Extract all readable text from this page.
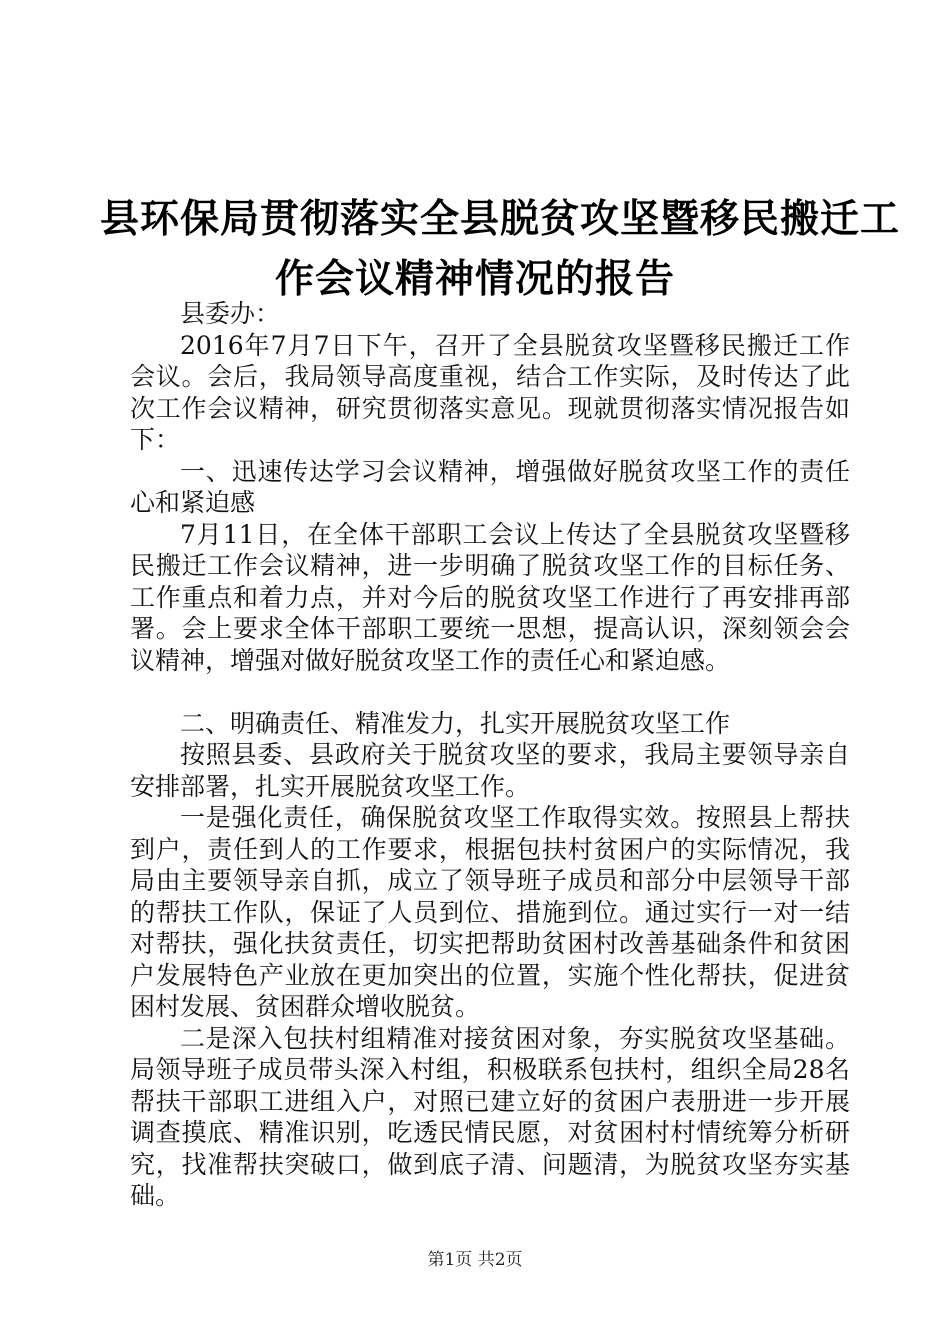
县环保局贯彻落实全县脱贫攻坚暨移民搬迁工
作会议精神情况的报告

县委办：

2016年7月7日下午，召开了全县脱贫攻坚暨移民搬迁工作会议。会后，我局领导高度重视，结合工作实际，及时传达了此次工作会议精神，研究贯彻落实意见。现就贯彻落实情况报告如下：

一、迅速传达学习会议精神，增强做好脱贫攻坚工作的责任心和紧迫感

7月11日，在全体干部职工会议上传达了全县脱贫攻坚暨移民搬迁工作会议精神，进一步明确了脱贫攻坚工作的目标任务、工作重点和着力点，并对今后的脱贫攻坚工作进行了再安排再部署。会上要求全体干部职工要统一思想，提高认识，深刻领会会议精神，增强对做好脱贫攻坚工作的责任心和紧迫感。

二、明确责任、精准发力，扎实开展脱贫攻坚工作

按照县委、县政府关于脱贫攻坚的要求，我局主要领导亲自安排部署，扎实开展脱贫攻坚工作。

一是强化责任，确保脱贫攻坚工作取得实效。按照县上帮扶到户，责任到人的工作要求，根据包扶村贫困户的实际情况，我局由主要领导亲自抓，成立了领导班子成员和部分中层领导干部的帮扶工作队，保证了人员到位、措施到位。通过实行一对一结对帮扶，强化扶贫责任，切实把帮助贫困村改善基础条件和贫困户发展特色产业放在更加突出的位置，实施个性化帮扶，促进贫困村发展、贫困群众增收脱贫。

二是深入包扶村组精准对接贫困对象，夯实脱贫攻坚基础。局领导班子成员带头深入村组，积极联系包扶村，组织全局28名帮扶干部职工进组入户，对照已建立好的贫困户表册进一步开展调查摸底、精准识别，吃透民情民愿，对贫困村村情统筹分析研究，找准帮扶突破口，做到底子清、问题清，为脱贫攻坚夯实基础。

第1页 共2页
